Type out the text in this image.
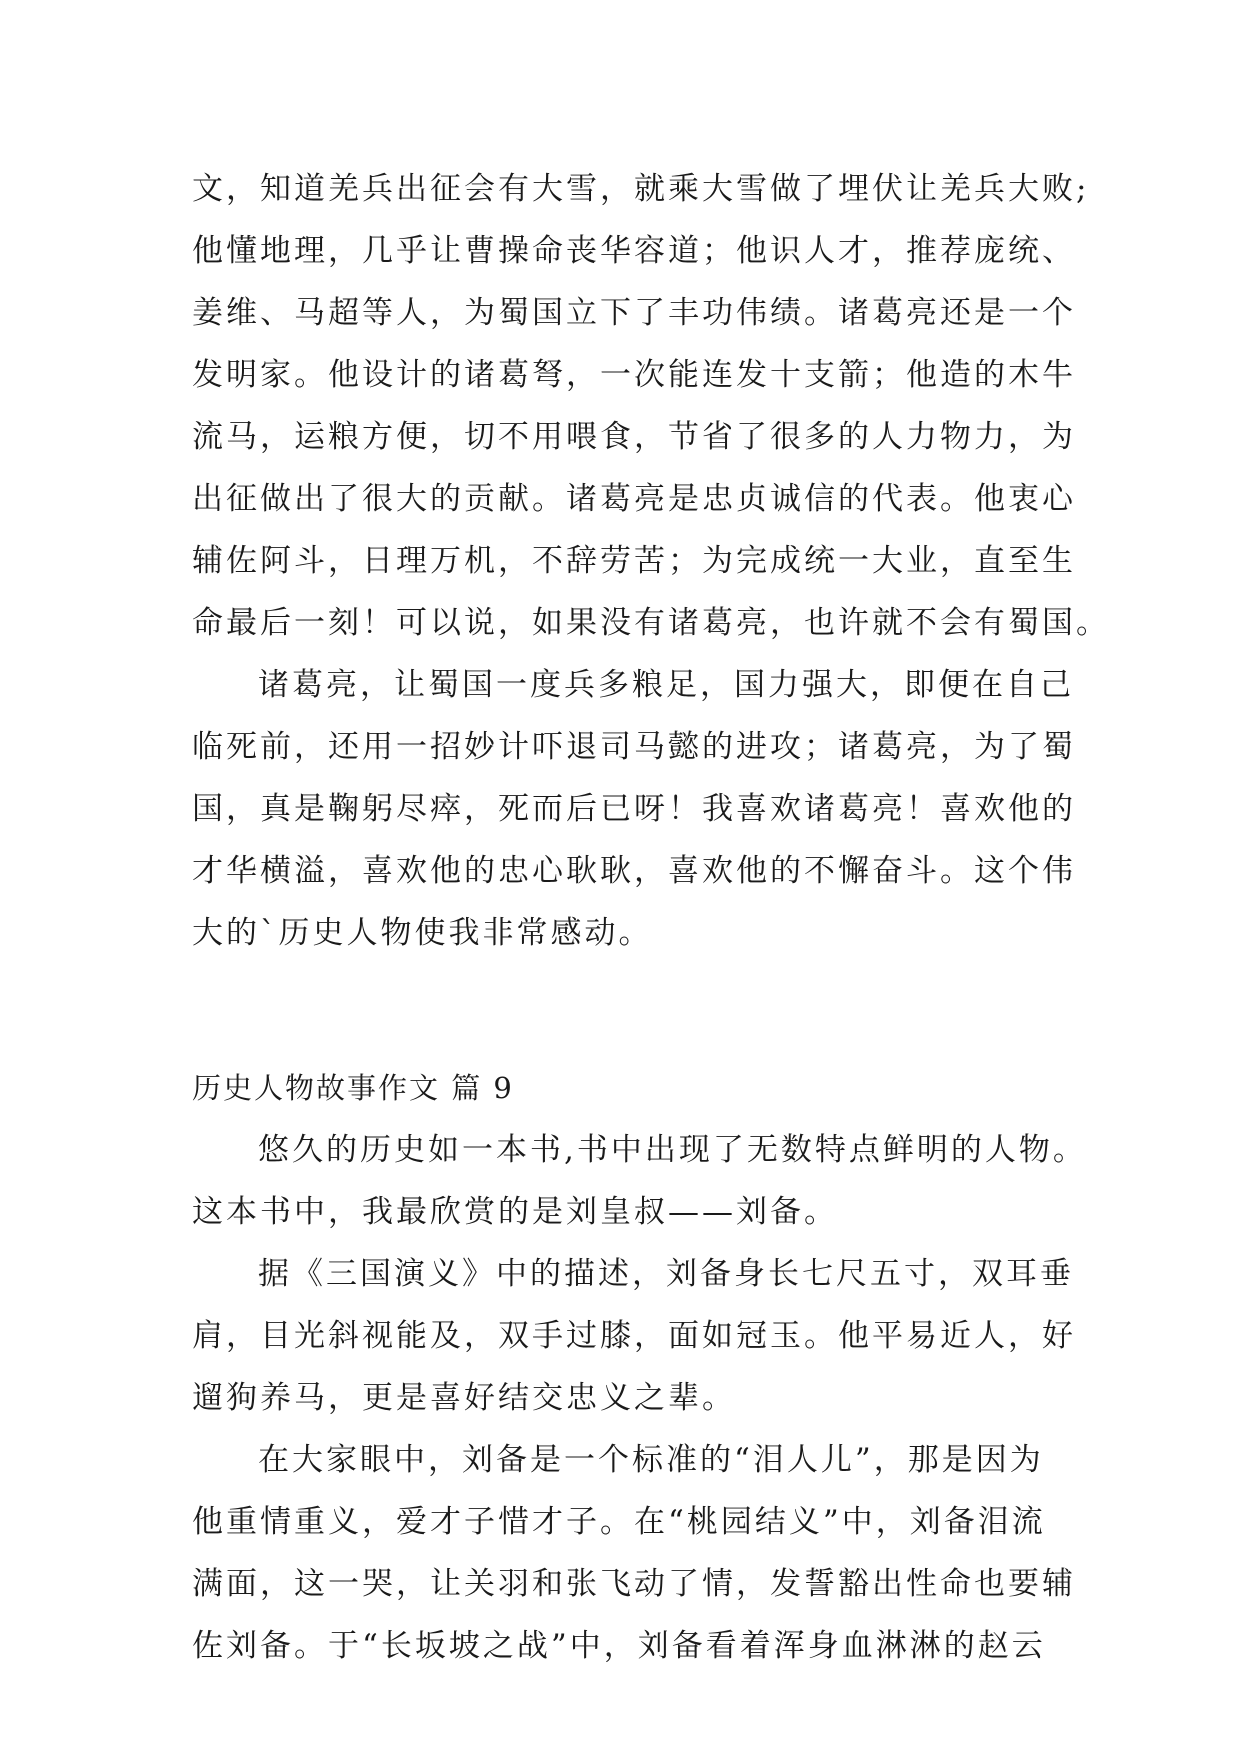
文，知道羌兵出征会有大雪，就乘大雪做了埋伏让羌兵大败;
他懂地理，几乎让曹操命丧华容道；他识人才，推荐庞统、
姜维、马超等人，为蜀国立下了丰功伟绩。诸葛亮还是一个
发明家。他设计的诸葛弩，一次能连发十支箭；他造的木牛
流马，运粮方便，切不用喂食，节省了很多的人力物力，为
出征做出了很大的贡献。诸葛亮是忠贞诚信的代表。他衷心
辅佐阿斗，日理万机，不辞劳苦；为完成统一大业，直至生
命最后一刻！可以说，如果没有诸葛亮，也许就不会有蜀国。
诸葛亮，让蜀国一度兵多粮足，国力强大，即便在自己
临死前，还用一招妙计吓退司马懿的进攻；诸葛亮，为了蜀
国，真是鞠躬尽瘁，死而后已呀！我喜欢诸葛亮！喜欢他的
才华横溢，喜欢他的忠心耿耿，喜欢他的不懈奋斗。这个伟
大的`历史人物使我非常感动。
历史人物故事作文 篇 9
悠久的历史如一本书,书中出现了无数特点鲜明的人物。
这本书中，我最欣赏的是刘皇叔——刘备。
据《三国演义》中的描述，刘备身长七尺五寸，双耳垂
肩，目光斜视能及，双手过膝，面如冠玉。他平易近人，好
遛狗养马，更是喜好结交忠义之辈。
在大家眼中，刘备是一个标准的“泪人儿”，那是因为
他重情重义，爱才子惜才子。在“桃园结义”中，刘备泪流
满面，这一哭，让关羽和张飞动了情，发誓豁出性命也要辅
佐刘备。于“长坂坡之战”中，刘备看着浑身血淋淋的赵云
